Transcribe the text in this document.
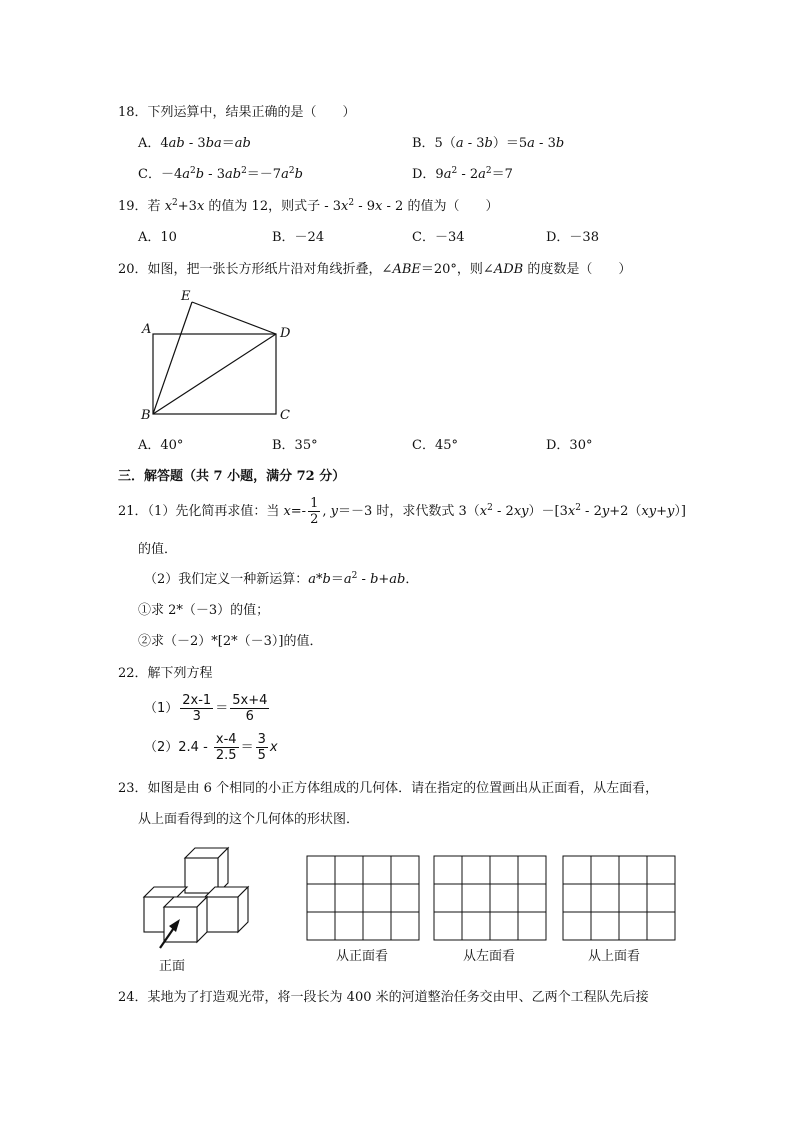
18．下列运算中，结果正确的是（　　）
A．4ab - 3ba＝ab	B．5（a - 3b）＝5a - 3b
C．$-4a^2b - 3ab^2=-7a^2b$	D．$9a^2 - 2a^2=7$
19．若 $x^2+3x$ 的值为 12，则式子 - $3x^2 - 9x - 2$ 的值为（　　）
A．10	B．－24	C．－34	D．－38
20．如图，把一张长方形纸片沿对角线折叠，∠ABE＝20°，则∠ADB 的度数是（　　）
E
A	D
B	C
A．40°	B．35°	C．45°	D．30°
三．解答题（共 7 小题，满分 72 分）
21．（1）先化简再求值：当 $x=- \frac{1}{2}$ , y＝－3 时，求代数式 $3(x^2 - 2xy)-[3x^2 - 2y+2(xy+y)]$
的值．
（2）我们定义一种新运算：$a*b=a^2 - b+ab$．
①求 2*（－3）的值；
②求（－2）*[2*（－3）]的值．
22．解下列方程
$(1) \frac{2x-1}{3} = \frac{5x+4}{6}$
$(2)2.4 - \frac{x-4}{2.5} = \frac{3}{5}$ x
23．如图是由 6 个相同的小正方体组成的几何体．请在指定的位置画出从正面看，从左面看，
从上面看得到的这个几何体的形状图．
正面
从正面看	从左面看	从上面看
24．某地为了打造观光带，将一段长为 400 米的河道整治任务交由甲、乙两个工程队先后接
